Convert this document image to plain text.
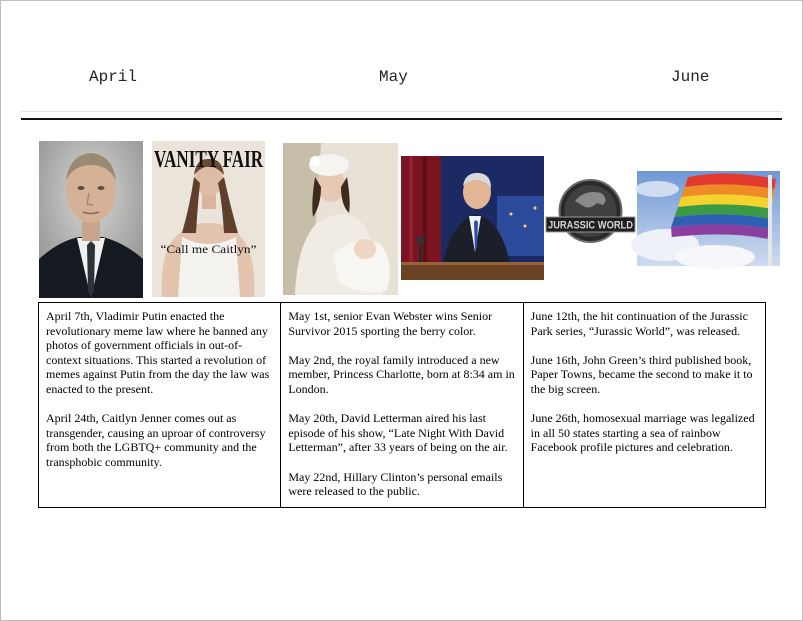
April	May	June
VANITY FAIR
“Call me Caitlyn”
JURASSIC WORLD

April 7th, Vladimir Putin enacted the revolutionary meme law where he banned any photos of government officials in out-of-context situations. This started a revolution of memes against Putin from the day the law was enacted to the present.

April 24th, Caitlyn Jenner comes out as transgender, causing an uproar of controversy from both the LGBTQ+ community and the transphobic community.

May 1st, senior Evan Webster wins Senior Survivor 2015 sporting the berry color.

May 2nd, the royal family introduced a new member, Princess Charlotte, born at 8:34 am in London.

May 20th, David Letterman aired his last episode of his show, “Late Night With David Letterman”, after 33 years of being on the air.

May 22nd, Hillary Clinton’s personal emails were released to the public.

June 12th, the hit continuation of the Jurassic Park series, “Jurassic World”, was released.

June 16th, John Green’s third published book, Paper Towns, became the second to make it to the big screen.

June 26th, homosexual marriage was legalized in all 50 states starting a sea of rainbow Facebook profile pictures and celebration.
